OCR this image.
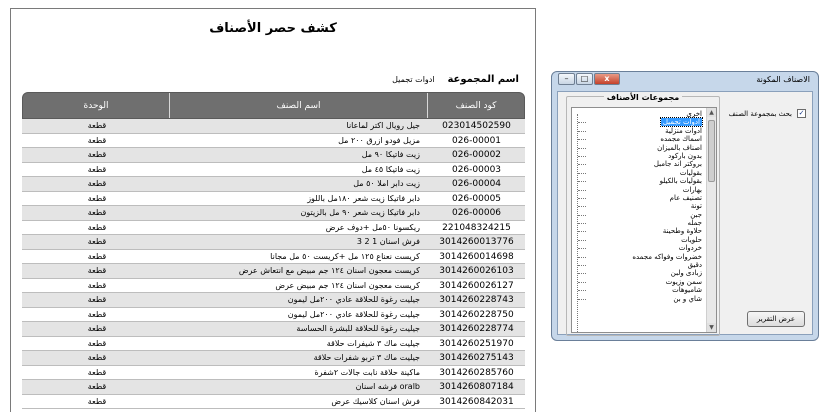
كشف حصر الأصناف
اسم المجموعة ادوات تجميل
كود الصنف
اسم الصنف
الوحدة
023014502590
جيل رويال اكتر لماعانا
قطعة
026-00001
مزيل فودو ازرق ٢٠٠ مل
قطعة
026-00002
زيت فاتيكا ٩٠ مل
قطعة
026-00003
زيت فاتيكا ٤٥ مل
قطعة
026-00004
زيت دابر املا ٥٠ مل
قطعة
026-00005
دابر فاتيكا زيت شعر ١٨٠مل باللوز
قطعة
026-00006
دابر فاتيكا زيت شعر ٩٠ مل بالزيتون
قطعة
221048324215
ريكسونا ٥٠مل +دوف عرض
قطعة
3014260013776
فرش اسنان 1 2 3
قطعة
3014260014698
كريست نعناع ١٢٥ مل +كريست ٥٠ مل مجانا
قطعة
3014260026103
كريست معجون اسنان ١٢٤ جم مبيض مع انتعاش عرض
قطعة
3014260026127
كريست معجون اسنان ١٢٤ جم مبيض عرض
قطعة
3014260228743
جيليت رغوة للحلاقة عادي ٢٠٠مل ليمون
قطعة
3014260228750
جيليت رغوة للحلاقة عادي ٢٠٠مل ليمون
قطعة
3014260228774
جيليت رغوة للحلاقة للبشرة الحساسة
قطعة
3014260251970
جيليت ماك ٣ شيفرات حلاقة
قطعة
3014260275143
جيليت ماك ٣ تربو شفرات حلاقة
قطعة
3014260285760
ماكينة حلاقة نابت جالات ٢شفرة
قطعة
3014260807184
oralb فرشه اسنان
قطعة
3014260842031
فرش اسنان كلاسيك عرض
قطعة
الاصناف المكونة
–	□	x
مجموعات الأصناف
اخرى
ادوات تجميل
ادوات منزلية
اسماك مجمده
اصناف بالميزان
بدون باركود
بروكتر اند جامبل
بقوليات
بقوليات بالكيلو
بهارات
تصنيف عام
تونة
جبن
جمله
حلاوة وطحينة
حلويات
خردوات
خضروات وفواكه مجمده
دقيق
زبادى ولبن
سمن وزيوت
شاميوهات
شاي و بن
▲
▼
✓
بحث بمجموعة الصنف
عرض التقرير
